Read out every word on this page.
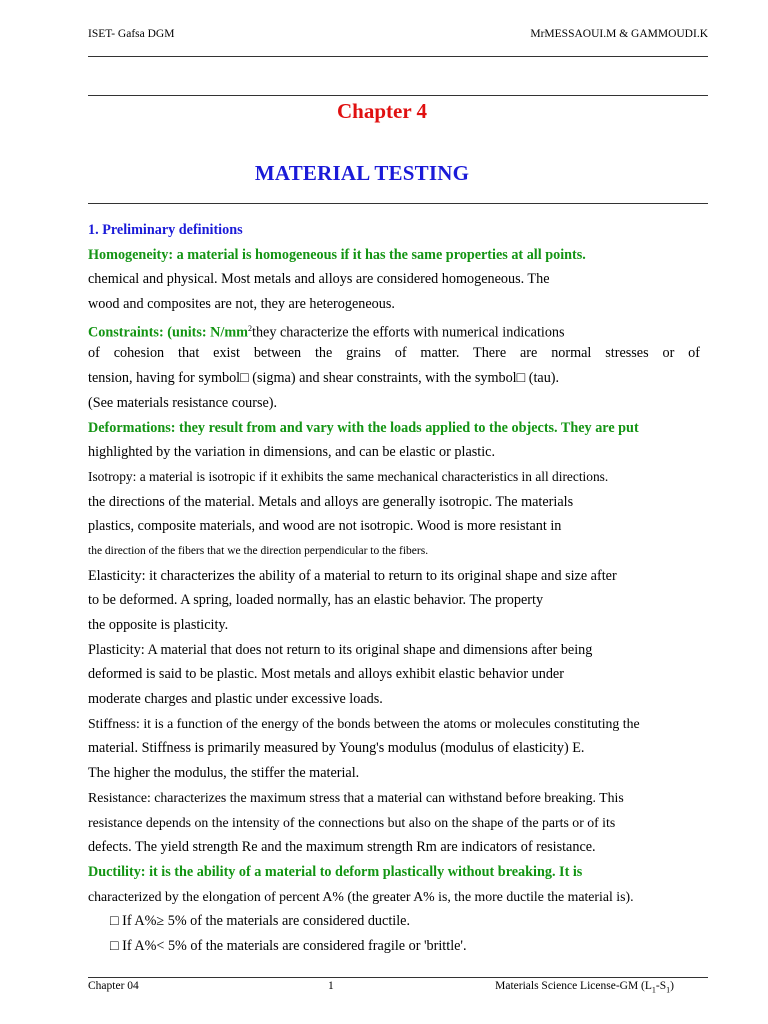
ISET- Gafsa DGM	MrMESSAOUI.M & GAMMOUDI.K
Chapter 4
MATERIAL TESTING
1. Preliminary definitions
Homogeneity: a material is homogeneous if it has the same properties at all points.
chemical and physical. Most metals and alloys are considered homogeneous. The
wood and composites are not, they are heterogeneous.
Constraints: (units: $N/mm^2they$ characterize the efforts with numerical indications
of cohesion that exist between the grains of matter. There are normal stresses or of
tension, having for symbol□ (sigma) and shear constraints, with the symbol□ (tau).
(See materials resistance course).
Deformations: they result from and vary with the loads applied to the objects. They are put
highlighted by the variation in dimensions, and can be elastic or plastic.
Isotropy: a material is isotropic if it exhibits the same mechanical characteristics in all directions.
the directions of the material. Metals and alloys are generally isotropic. The materials
plastics, composite materials, and wood are not isotropic. Wood is more resistant in
the direction of the fibers that we the direction perpendicular to the fibers.
Elasticity: it characterizes the ability of a material to return to its original shape and size after
to be deformed. A spring, loaded normally, has an elastic behavior. The property
the opposite is plasticity.
Plasticity: A material that does not return to its original shape and dimensions after being
deformed is said to be plastic. Most metals and alloys exhibit elastic behavior under
moderate charges and plastic under excessive loads.
Stiffness: it is a function of the energy of the bonds between the atoms or molecules constituting the
material. Stiffness is primarily measured by Young's modulus (modulus of elasticity) E.
The higher the modulus, the stiffer the material.
Resistance: characterizes the maximum stress that a material can withstand before breaking. This
resistance depends on the intensity of the connections but also on the shape of the parts or of its
defects. The yield strength Re and the maximum strength Rm are indicators of resistance.
Ductility: it is the ability of a material to deform plastically without breaking. It is
characterized by the elongation of percent A% (the greater A% is, the more ductile the material is).
□ If A%≥ 5% of the materials are considered ductile.
□ If A%< 5% of the materials are considered fragile or 'brittle'.
Chapter 04	1	Materials Science License-GM $(L_1-S_1)$
